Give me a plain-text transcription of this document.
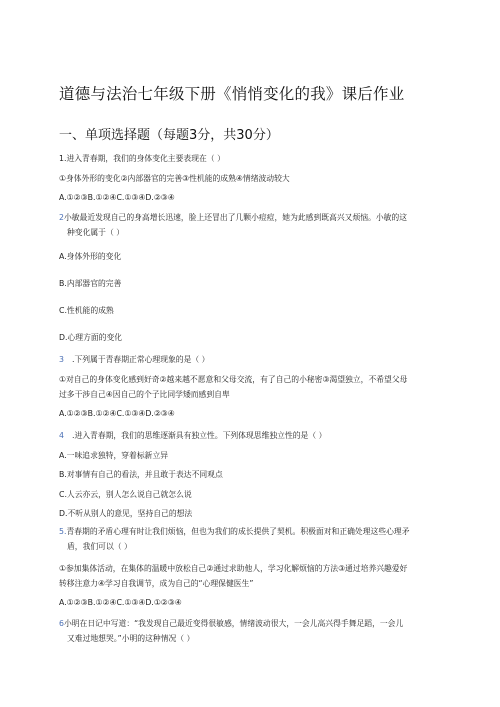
道德与法治七年级下册《悄悄变化的我》课后作业
一、单项选择题（每题3分，共30分）
1.进入青春期，我们的身体变化主要表现在（ ）
①身体外形的变化②内部器官的完善③性机能的成熟④情绪波动较大
A.①②③B.①②④C.①③④D.②③④
2小敏最近发现自己的身高增长迅速，脸上还冒出了几颗小痘痘，她为此感到既高兴又烦恼。小敏的这
种变化属于（ ）
A.身体外形的变化
B.内部器官的完善
C.性机能的成熟
D.心理方面的变化
3 .下列属于青春期正常心理现象的是（ ）
①对自己的身体变化感到好奇②越来越不愿意和父母交流，有了自己的小秘密③渴望独立，不希望父母
过多干涉自己④因自己的个子比同学矮而感到自卑
A.①②③B.①②④C.①③④D.②③④
4 .进入青春期，我们的思维逐渐具有独立性。下列体现思维独立性的是（ ）
A.一味追求独特，穿着标新立异
B.对事情有自己的看法，并且敢于表达不同观点
C.人云亦云，别人怎么说自己就怎么说
D.不听从别人的意见，坚持自己的想法
5.青春期的矛盾心理有时让我们烦恼，但也为我们的成长提供了契机。积极面对和正确处理这些心理矛
盾，我们可以（ ）
①参加集体活动，在集体的温暖中放松自己②通过求助他人，学习化解烦恼的方法③通过培养兴趣爱好
转移注意力④学习自我调节，成为自己的“心理保健医生”
A.①②③B.①②④C.①③④D.①②③④
6小明在日记中写道：“我发现自己最近变得很敏感，情绪波动很大，一会儿高兴得手舞足蹈，一会儿
又难过地想哭。”小明的这种情况（ ）
